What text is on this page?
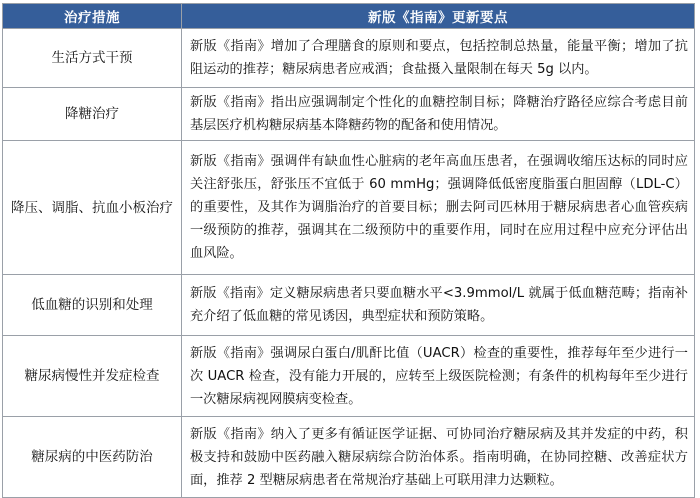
治疗措施	新版《指南》更新要点
生活方式干预	新版《指南》增加了合理膳食的原则和要点，包括控制总热量，能量平衡；增加了抗阻运动的推荐；糖尿病患者应戒酒；食盐摄入量限制在每天 5g 以内。
降糖治疗	新版《指南》指出应强调制定个性化的血糖控制目标；降糖治疗路径应综合考虑目前基层医疗机构糖尿病基本降糖药物的配备和使用情况。
降压、调脂、抗血小板治疗	新版《指南》强调伴有缺血性心脏病的老年高血压患者，在强调收缩压达标的同时应关注舒张压，舒张压不宜低于 60 mmHg；强调降低低密度脂蛋白胆固醇（LDL-C）的重要性，及其作为调脂治疗的首要目标；删去阿司匹林用于糖尿病患者心血管疾病一级预防的推荐，强调其在二级预防中的重要作用，同时在应用过程中应充分评估出血风险。
低血糖的识别和处理	新版《指南》定义糖尿病患者只要血糖水平<3.9mmol/L 就属于低血糖范畴；指南补充介绍了低血糖的常见诱因，典型症状和预防策略。
糖尿病慢性并发症检查	新版《指南》强调尿白蛋白/肌酐比值（UACR）检查的重要性，推荐每年至少进行一次 UACR 检查，没有能力开展的，应转至上级医院检测；有条件的机构每年至少进行一次糖尿病视网膜病变检查。
糖尿病的中医药防治	新版《指南》纳入了更多有循证医学证据、可协同治疗糖尿病及其并发症的中药，积极支持和鼓励中医药融入糖尿病综合防治体系。指南明确，在协同控糖、改善症状方面，推荐 2 型糖尿病患者在常规治疗基础上可联用津力达颗粒。
